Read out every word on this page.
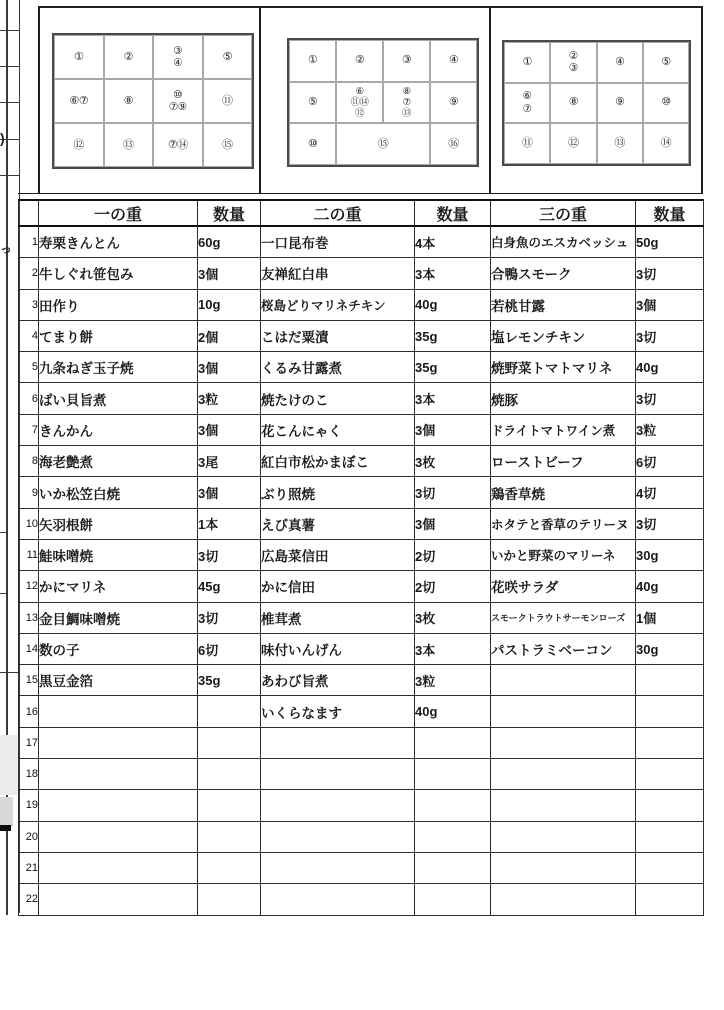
)
っ
①	②	③
④
⑤
⑥⑦	⑧	⑩
⑦⑨
⑪
⑫	⑬	⑦⑭	⑮
①	②	③	④
⑤
⑥
⑪⑭
⑫
⑧
⑦
⑬
⑨
⑩	⑮	⑯
①	②
③
④	⑤
⑥
⑦
⑧	⑨	⑩
⑪	⑫	⑬	⑭
	一の重	数量	二の重	数量	三の重	数量
1	寿栗きんとん	60g	一口昆布巻	4本	白身魚のエスカベッシュ	50g
2	牛しぐれ笹包み	3個	友禅紅白串	3本	合鴨スモーク	3切
3	田作り	10g	桜島どりマリネチキン	40g	若桃甘露	3個
4	てまり餅	2個	こはだ粟漬	35g	塩レモンチキン	3切
5	九条ねぎ玉子焼	3個	くるみ甘露煮	35g	焼野菜トマトマリネ	40g
6	ばい貝旨煮	3粒	焼たけのこ	3本	焼豚	3切
7	きんかん	3個	花こんにゃく	3個	ドライトマトワイン煮	3粒
8	海老艶煮	3尾	紅白市松かまぼこ	3枚	ローストビーフ	6切
9	いか松笠白焼	3個	ぶり照焼	3切	鶏香草焼	4切
10	矢羽根餅	1本	えび真薯	3個	ホタテと香草のテリーヌ	3切
11	鮭味噌焼	3切	広島菜信田	2切	いかと野菜のマリーネ	30g
12	かにマリネ	45g	かに信田	2切	花咲サラダ	40g
13	金目鯛味噌焼	3切	椎茸煮	3枚	スモークトラウトサーモンローズ	1個
14	数の子	6切	味付いんげん	3本	パストラミベーコン	30g
15	黒豆金箔	35g	あわび旨煮	3粒		
16			いくらなます	40g		
17						
18						
19						
20						
21						
22						
